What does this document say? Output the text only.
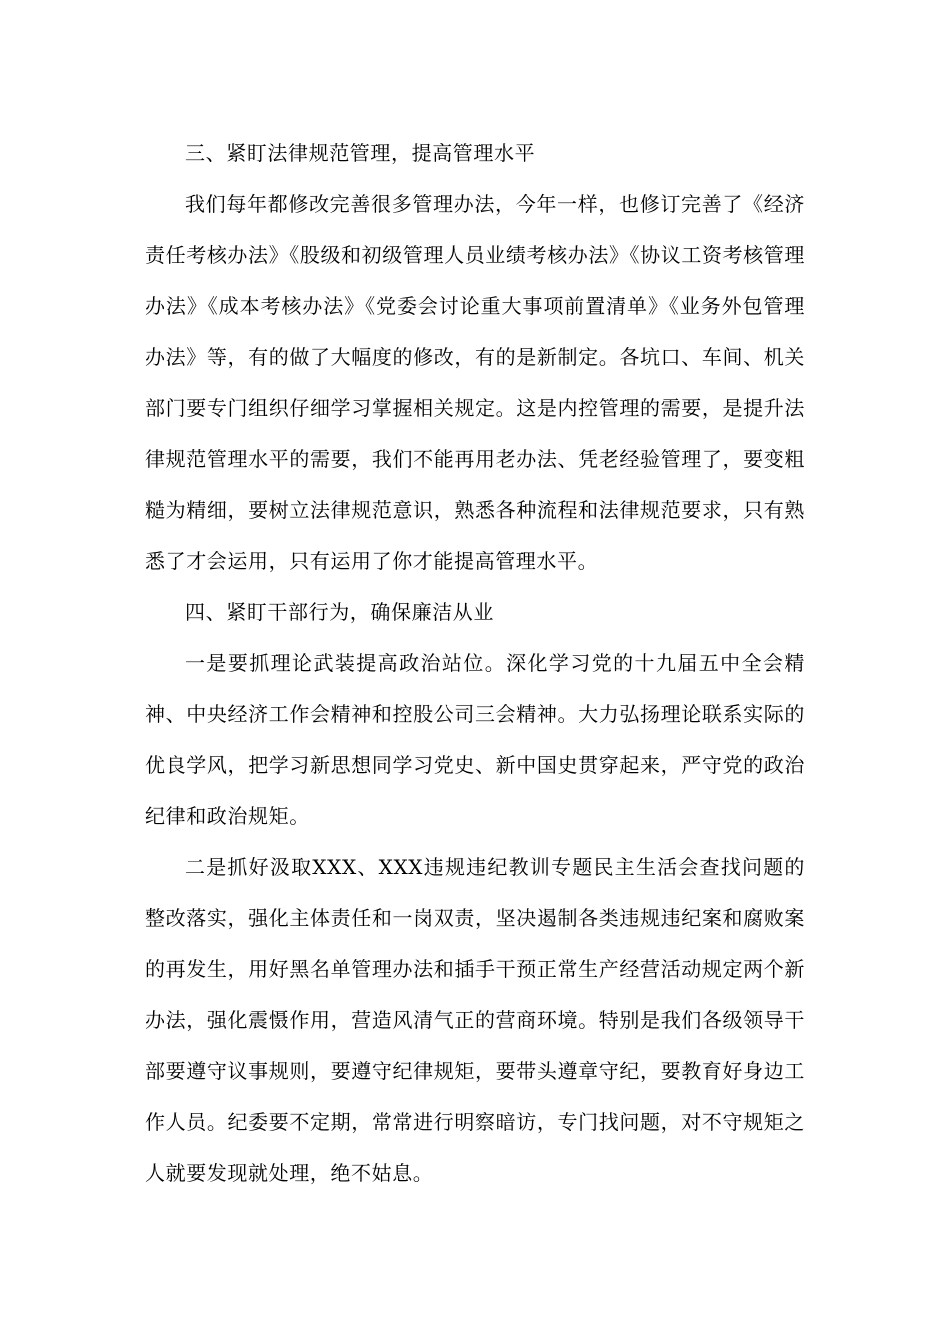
三、紧盯法律规范管理，提高管理水平

我们每年都修改完善很多管理办法，今年一样，也修订完善了《经济责任考核办法》《股级和初级管理人员业绩考核办法》《协议工资考核管理办法》《成本考核办法》《党委会讨论重大事项前置清单》《业务外包管理办法》等，有的做了大幅度的修改，有的是新制定。各坑口、车间、机关部门要专门组织仔细学习掌握相关规定。这是内控管理的需要，是提升法律规范管理水平的需要，我们不能再用老办法、凭老经验管理了，要变粗糙为精细，要树立法律规范意识，熟悉各种流程和法律规范要求，只有熟悉了才会运用，只有运用了你才能提高管理水平。

四、紧盯干部行为，确保廉洁从业

一是要抓理论武装提高政治站位。深化学习党的十九届五中全会精神、中央经济工作会精神和控股公司三会精神。大力弘扬理论联系实际的优良学风，把学习新思想同学习党史、新中国史贯穿起来，严守党的政治纪律和政治规矩。

二是抓好汲取XXX、XXX违规违纪教训专题民主生活会查找问题的整改落实，强化主体责任和一岗双责，坚决遏制各类违规违纪案和腐败案的再发生，用好黑名单管理办法和插手干预正常生产经营活动规定两个新办法，强化震慑作用，营造风清气正的营商环境。特别是我们各级领导干部要遵守议事规则，要遵守纪律规矩，要带头遵章守纪，要教育好身边工作人员。纪委要不定期，常常进行明察暗访，专门找问题，对不守规矩之人就要发现就处理，绝不姑息。
